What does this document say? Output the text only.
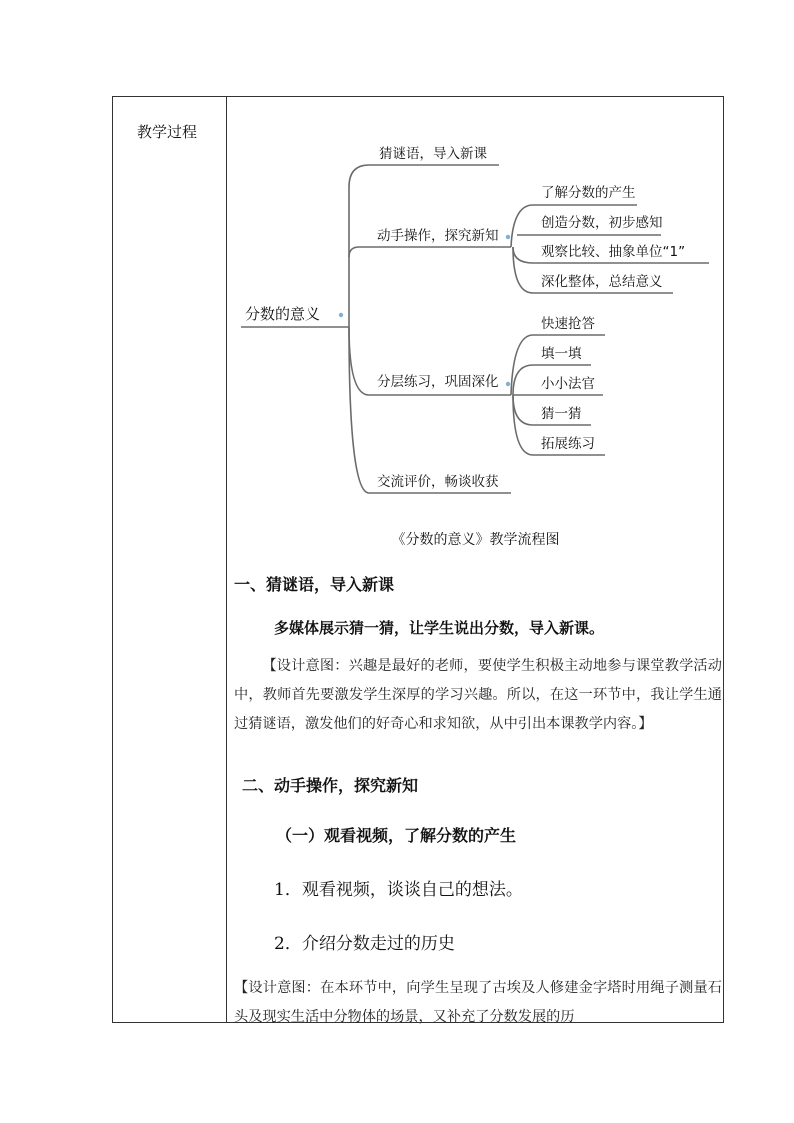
教学过程
分数的意义
猜谜语，导入新课
动手操作，探究新知
分层练习，巩固深化
交流评价，畅谈收获
了解分数的产生
创造分数，初步感知
观察比较、抽象单位“1”
深化整体，总结意义
快速抢答
填一填
小小法官
猜一猜
拓展练习
《分数的意义》教学流程图
一、猜谜语，导入新课
多媒体展示猜一猜，让学生说出分数，导入新课。
【设计意图：兴趣是最好的老师，要使学生积极主动地参与课堂教学活动中，教师首先要激发学生深厚的学习兴趣。所以，在这一环节中，我让学生通过猜谜语，激发他们的好奇心和求知欲，从中引出本课教学内容。】
二、动手操作，探究新知
（一）观看视频，了解分数的产生
1．观看视频，谈谈自己的想法。
2．介绍分数走过的历史
【设计意图：在本环节中，向学生呈现了古埃及人修建金字塔时用绳子测量石头及现实生活中分物体的场景，又补充了分数发展的历
